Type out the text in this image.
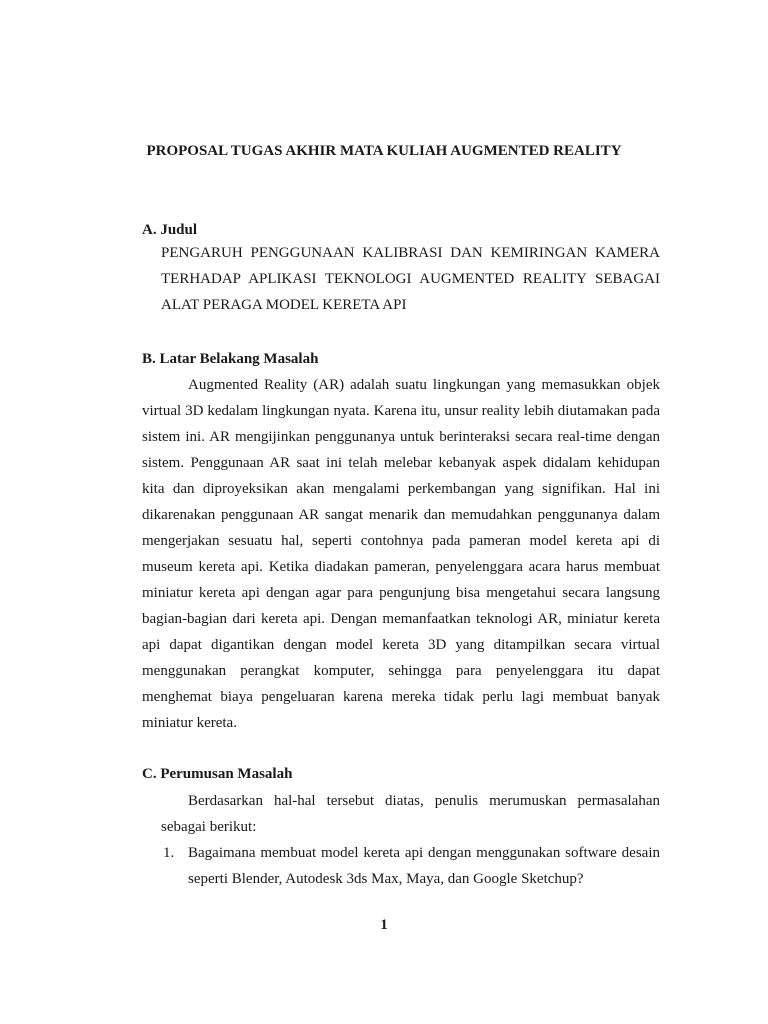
PROPOSAL TUGAS AKHIR MATA KULIAH AUGMENTED REALITY
A. Judul
PENGARUH PENGGUNAAN KALIBRASI DAN KEMIRINGAN KAMERA
TERHADAP APLIKASI TEKNOLOGI AUGMENTED REALITY SEBAGAI
ALAT PERAGA MODEL KERETA API
B. Latar Belakang Masalah
Augmented Reality (AR) adalah suatu lingkungan yang memasukkan objek
virtual 3D kedalam lingkungan nyata. Karena itu, unsur reality lebih diutamakan pada
sistem ini. AR mengijinkan penggunanya untuk berinteraksi secara real-time dengan
sistem. Penggunaan AR saat ini telah melebar kebanyak aspek didalam kehidupan
kita dan diproyeksikan akan mengalami perkembangan yang signifikan. Hal ini
dikarenakan penggunaan AR sangat menarik dan memudahkan penggunanya dalam
mengerjakan sesuatu hal, seperti contohnya pada pameran model kereta api di
museum kereta api. Ketika diadakan pameran, penyelenggara acara harus membuat
miniatur kereta api dengan agar para pengunjung bisa mengetahui secara langsung
bagian-bagian dari kereta api. Dengan memanfaatkan teknologi AR, miniatur kereta
api dapat digantikan dengan model kereta 3D yang ditampilkan secara virtual
menggunakan perangkat komputer, sehingga para penyelenggara itu dapat
menghemat biaya pengeluaran karena mereka tidak perlu lagi membuat banyak
miniatur kereta.
C. Perumusan Masalah
Berdasarkan hal-hal tersebut diatas, penulis merumuskan permasalahan
sebagai berikut:
1. Bagaimana membuat model kereta api dengan menggunakan software desain
seperti Blender, Autodesk 3ds Max, Maya, dan Google Sketchup?
1
